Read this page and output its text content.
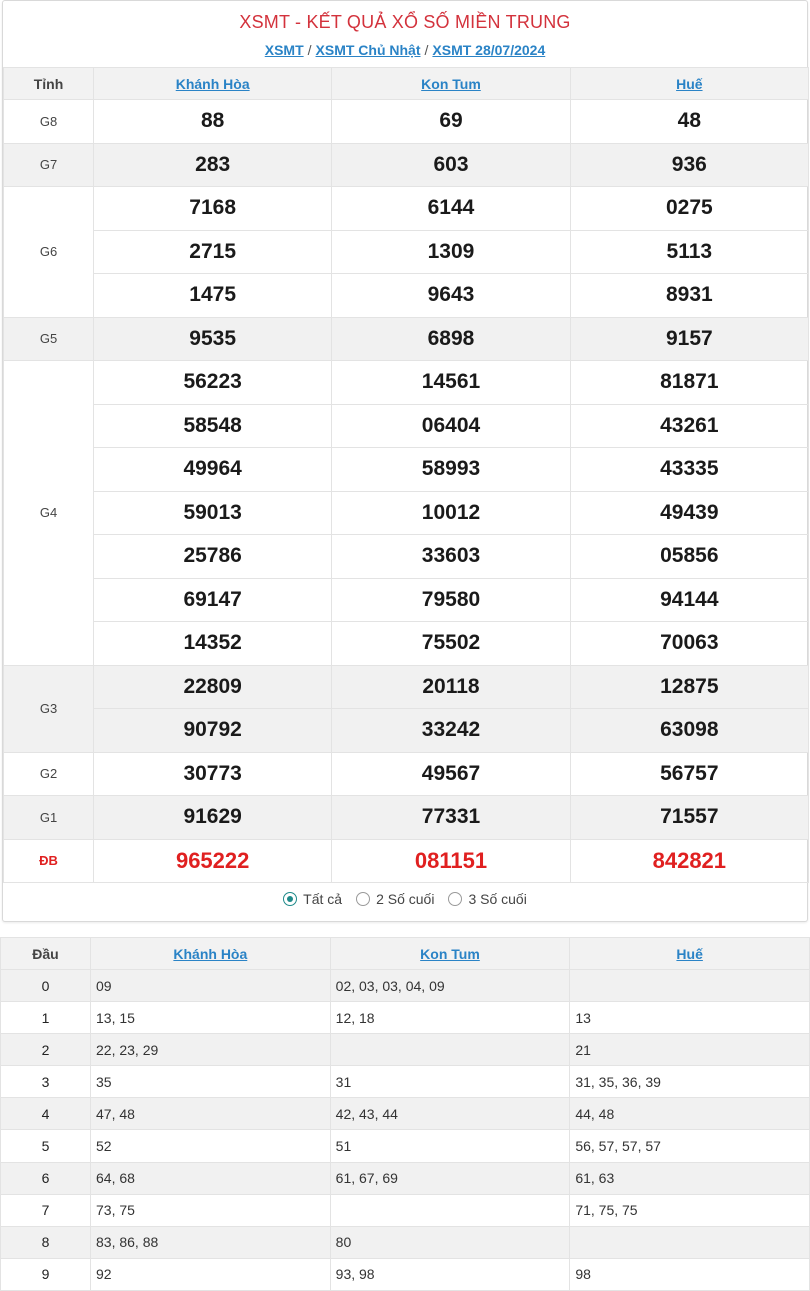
XSMT - KẾT QUẢ XỔ SỐ MIỀN TRUNG
XSMT / XSMT Chủ Nhật / XSMT 28/07/2024
Tỉnh	Khánh Hòa	Kon Tum	Huế
G8	88	69	48
G7	283	603	936
G6	7168	6144	0275
	2715	1309	5113
	1475	9643	8931
G5	9535	6898	9157
G4	56223	14561	81871
	58548	06404	43261
	49964	58993	43335
	59013	10012	49439
	25786	33603	05856
	69147	79580	94144
	14352	75502	70063
G3	22809	20118	12875
	90792	33242	63098
G2	30773	49567	56757
G1	91629	77331	71557
ĐB	965222	081151	842821
Tất cả 2 Số cuối 3 Số cuối
Đầu	Khánh Hòa	Kon Tum	Huế
0	09	02, 03, 03, 04, 09	
1	13, 15	12, 18	13
2	22, 23, 29		21
3	35	31	31, 35, 36, 39
4	47, 48	42, 43, 44	44, 48
5	52	51	56, 57, 57, 57
6	64, 68	61, 67, 69	61, 63
7	73, 75		71, 75, 75
8	83, 86, 88	80	
9	92	93, 98	98
